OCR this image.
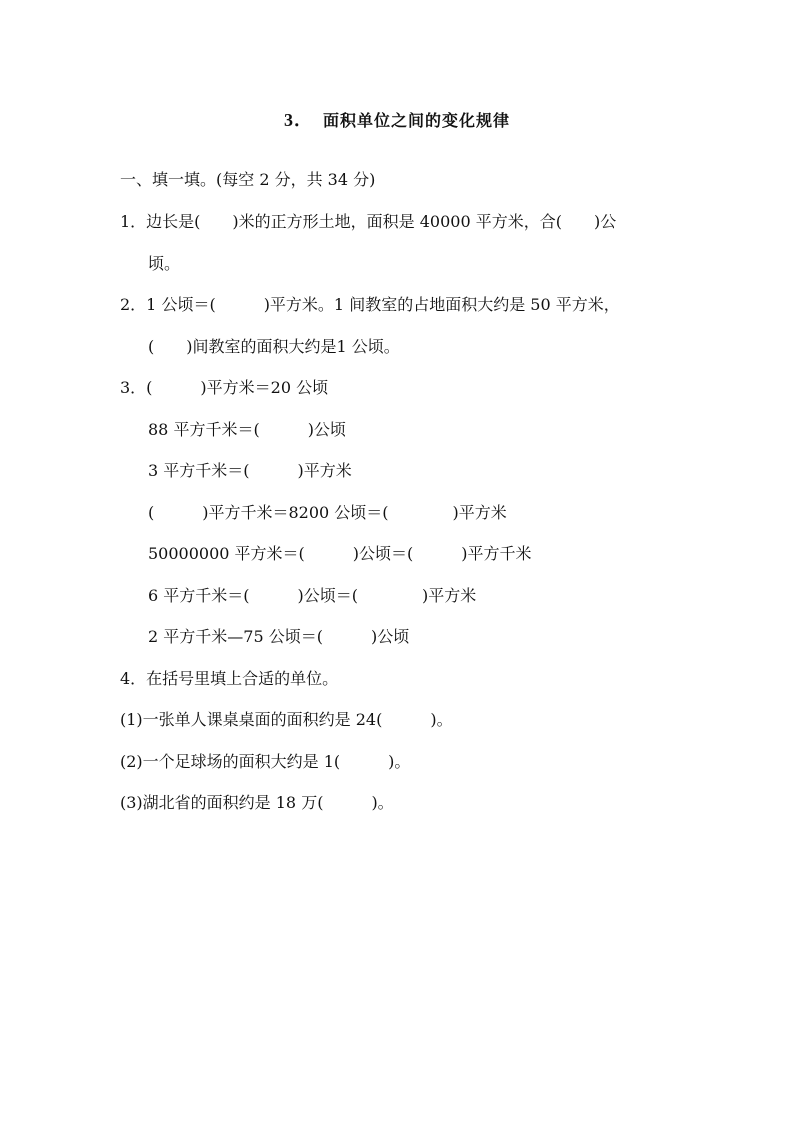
3． 面积单位之间的变化规律
一、填一填。(每空 2 分，共 34 分)
1．边长是(　　)米的正方形土地，面积是 40000 平方米，合(　　)公
顷。
2．1 公顷＝(　　　)平方米。1 间教室的占地面积大约是 50 平方米，
(　　)间教室的面积大约是1 公顷。
3．(　　　)平方米＝20 公顷
88 平方千米＝(　　　)公顷
3 平方千米＝(　　　)平方米
(　　　)平方千米＝8200 公顷＝(　　　　)平方米
50000000 平方米＝(　　　)公顷＝(　　　)平方千米
6 平方千米＝(　　　)公顷＝(　　　　)平方米
2 平方千米—75 公顷＝(　　　)公顷
4．在括号里填上合适的单位。
(1)一张单人课桌桌面的面积约是 24(　　　)。
(2)一个足球场的面积大约是 1(　　　)。
(3)湖北省的面积约是 18 万(　　　)。
